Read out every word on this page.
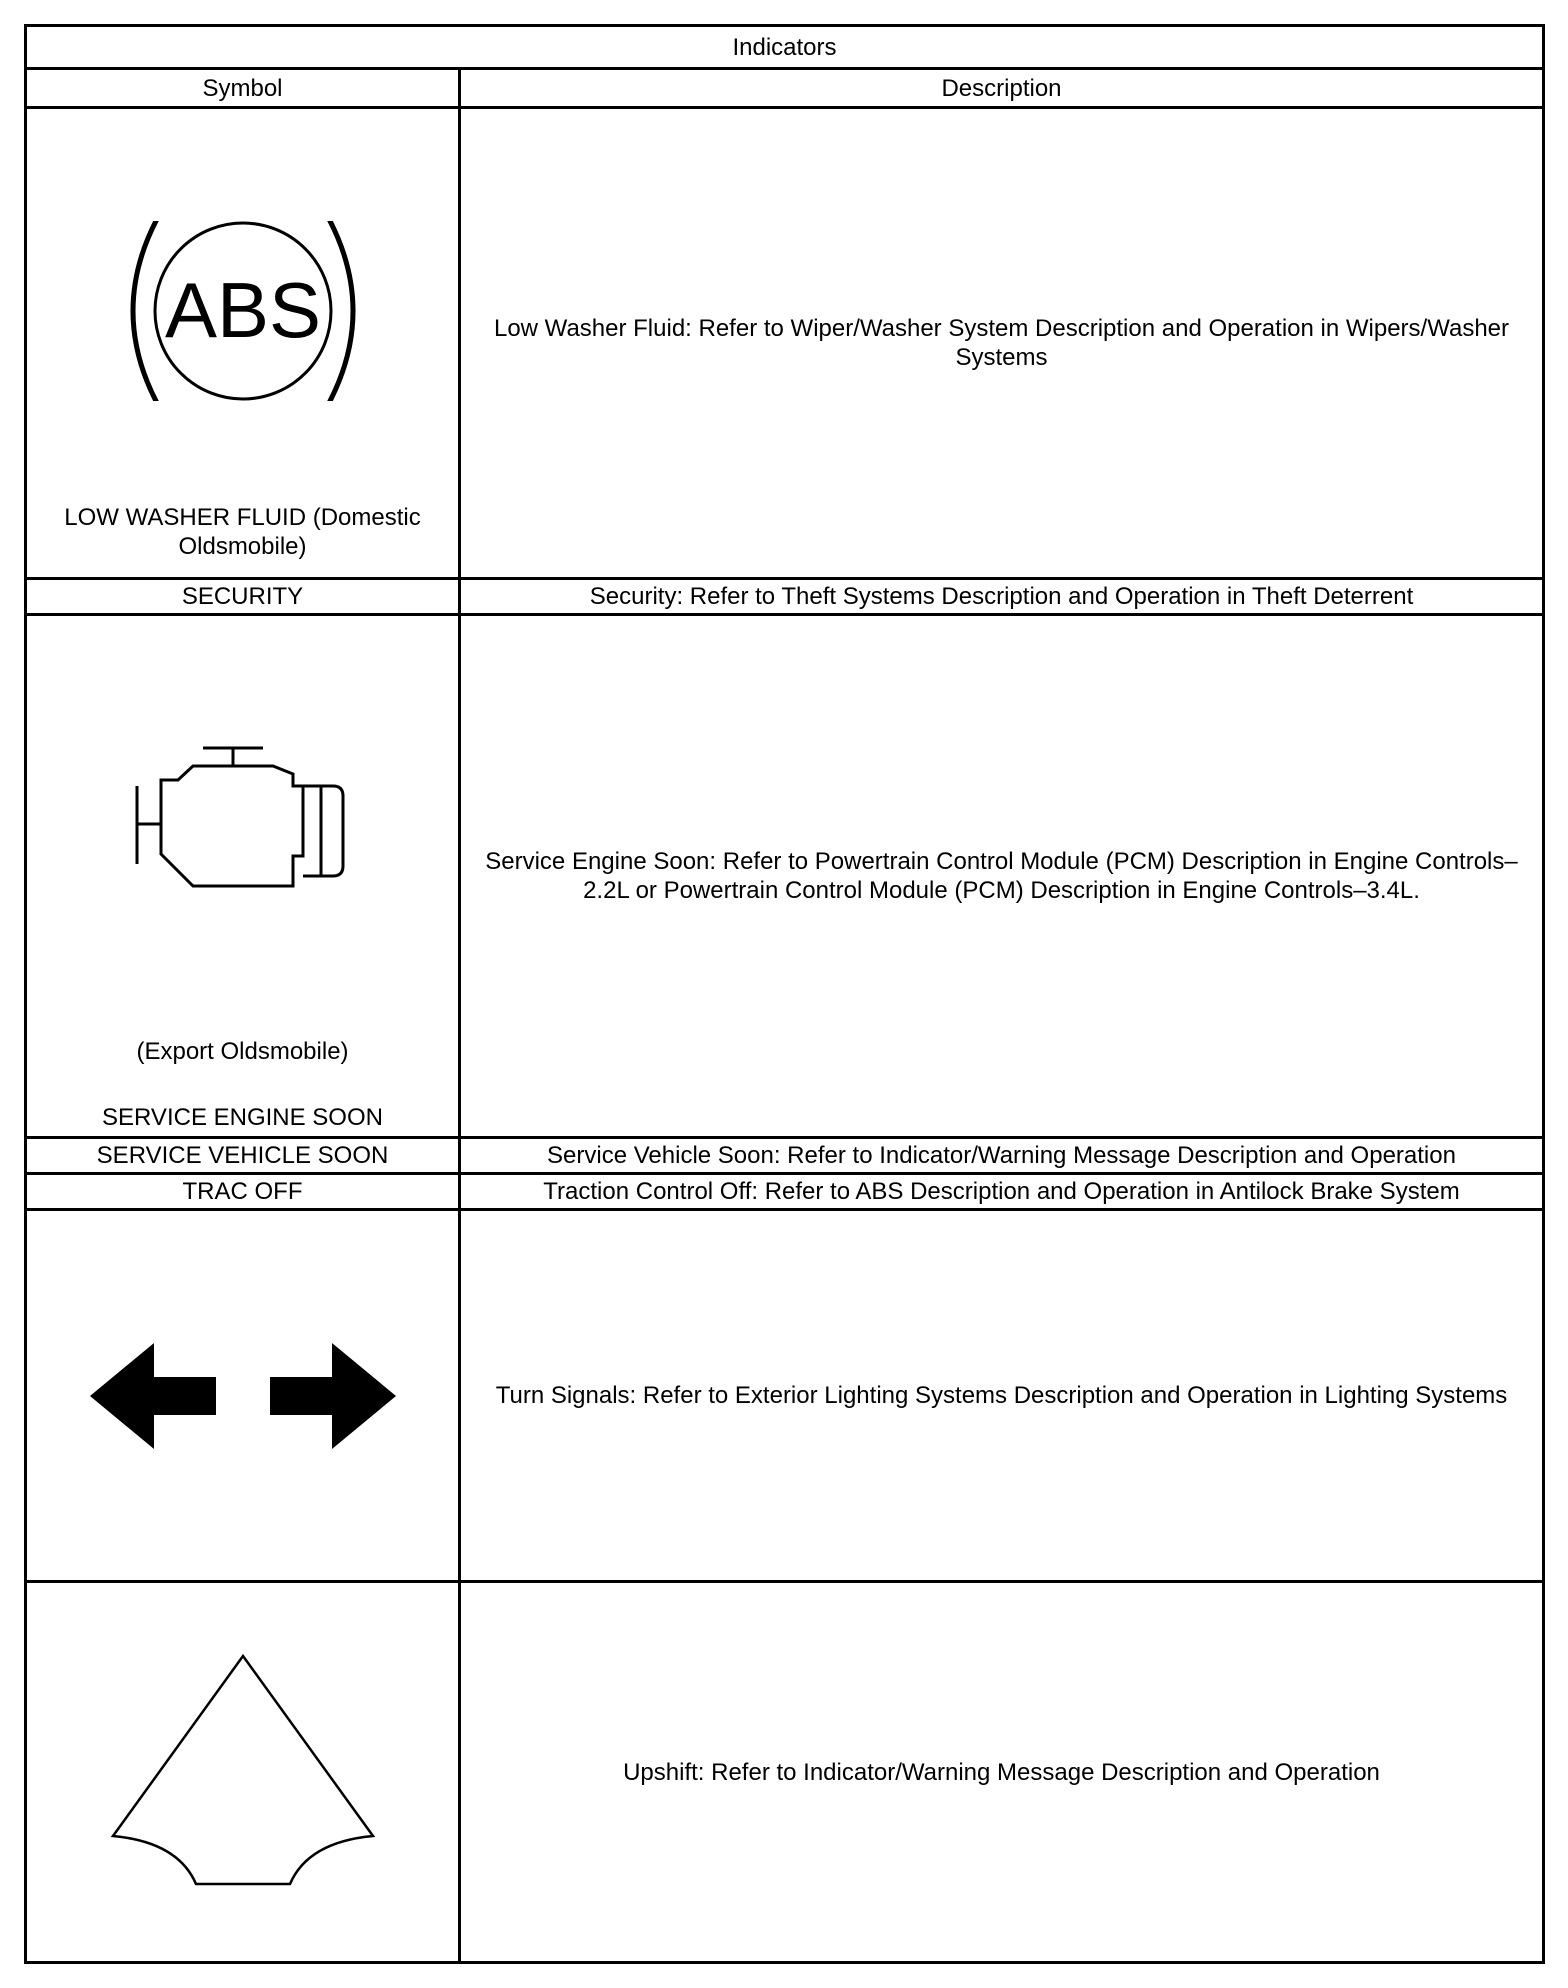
Indicators	
Symbol	Description

ABS
LOW WASHER FLUID (Domestic Oldsmobile)	Low Washer Fluid: Refer to Wiper/Washer System Description and Operation in Wipers/Washer Systems
SECURITY	Security: Refer to Theft Systems Description and Operation in Theft Deterrent

(Export Oldsmobile)
SERVICE ENGINE SOON	Service Engine Soon: Refer to Powertrain Control Module (PCM) Description in Engine Controls–2.2L or Powertrain Control Module (PCM) Description in Engine Controls–3.4L.
SERVICE VEHICLE SOON	Service Vehicle Soon: Refer to Indicator/Warning Message Description and Operation
TRAC OFF	Traction Control Off: Refer to ABS Description and Operation in Antilock Brake System

	Turn Signals: Refer to Exterior Lighting Systems Description and Operation in Lighting Systems

	Upshift: Refer to Indicator/Warning Message Description and Operation
